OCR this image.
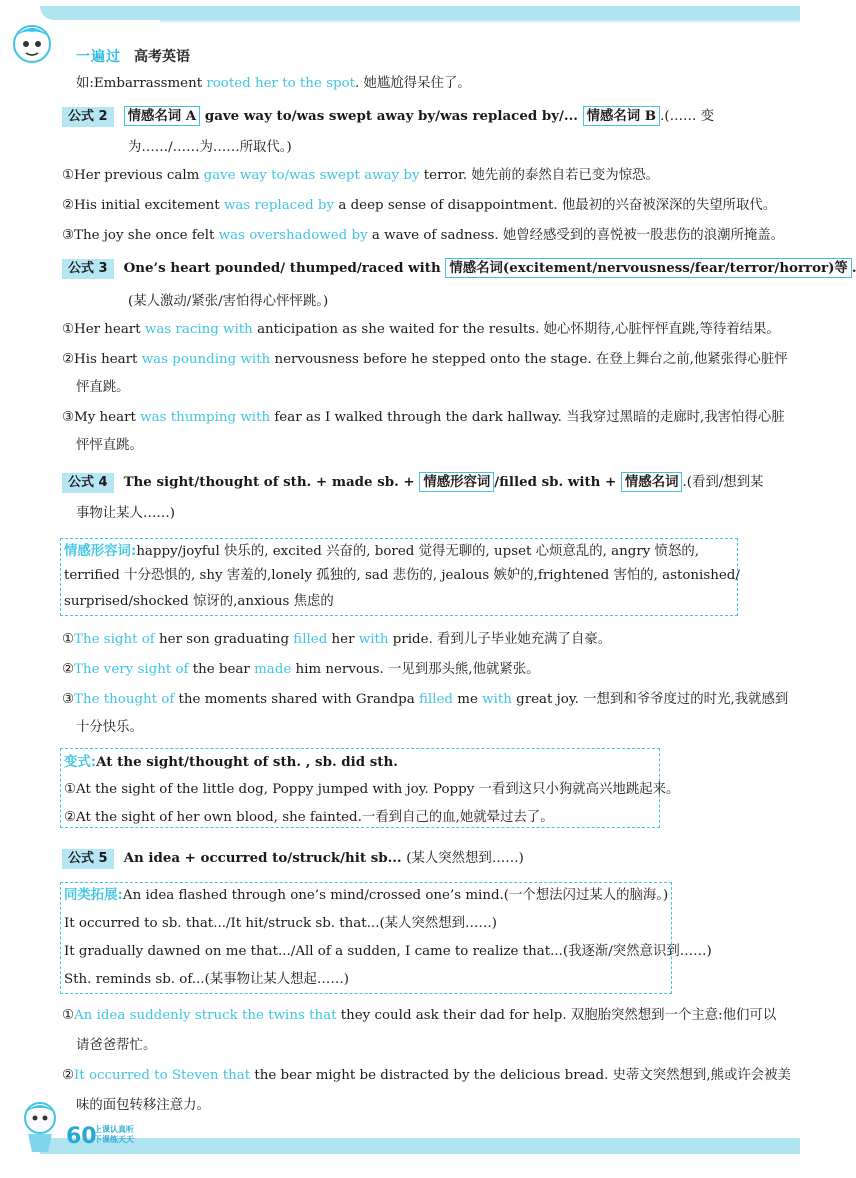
一遍过 高考英语
如:Embarrassment rooted her to the spot. 她尴尬得呆住了。
公式 2 情感名词 A gave way to/was swept away by/was replaced by/... 情感名词 B .(…… 变
为……/……为……所取代。)
①Her previous calm gave way to/was swept away by terror. 她先前的泰然自若已变为惊恐。
②His initial excitement was replaced by a deep sense of disappointment. 他最初的兴奋被深深的失望所取代。
③The joy she once felt was overshadowed by a wave of sadness. 她曾经感受到的喜悦被一股悲伤的浪潮所掩盖。
公式 3 One’s heart pounded/ thumped/raced with 情感名词(excitement/nervousness/fear/terror/horror)等
(某人激动/紧张/害怕得心怦怦跳。)
①Her heart was racing with anticipation as she waited for the results. 她心怀期待,心脏怦怦直跳,等待着结果。
②His heart was pounding with nervousness before he stepped onto the stage. 在登上舞台之前,他紧张得心脏怦
怦直跳。
③My heart was thumping with fear as I walked through the dark hallway. 当我穿过黑暗的走廊时,我害怕得心脏
怦怦直跳。
公式 4 The sight/thought of sth. + made sb. + 情感形容词 /filled sb. with + 情感名词 .(看到/想到某
事物让某人……)
情感形容词:happy/joyful 快乐的, excited 兴奋的, bored 觉得无聊的, upset 心烦意乱的, angry 愤怒的,
terrified 十分恐惧的, shy 害羞的,lonely 孤独的, sad 悲伤的, jealous 嫉妒的,frightened 害怕的, astonished/
surprised/shocked 惊讶的,anxious 焦虑的
①The sight of her son graduating filled her with pride. 看到儿子毕业她充满了自豪。
②The very sight of the bear made him nervous. 一见到那头熊,他就紧张。
③The thought of the moments shared with Grandpa filled me with great joy. 一想到和爷爷度过的时光,我就感到
十分快乐。
变式:At the sight/thought of sth. , sb. did sth.
①At the sight of the little dog, Poppy jumped with joy. Poppy 一看到这只小狗就高兴地跳起来。
②At the sight of her own blood, she fainted.一看到自己的血,她就晕过去了。
公式 5 An idea + occurred to/struck/hit sb... (某人突然想到……)
同类拓展:An idea flashed through one’s mind/crossed one’s mind.(一个想法闪过某人的脑海。)
It occurred to sb. that.../It hit/struck sb. that...(某人突然想到……)
It gradually dawned on me that.../All of a sudden, I came to realize that...(我逐渐/突然意识到……)
Sth. reminds sb. of...(某事物让某人想起……)
①An idea suddenly struck the twins that they could ask their dad for help. 双胞胎突然想到一个主意:他们可以
请爸爸帮忙。
②It occurred to Steven that the bear might be distracted by the delicious bread. 史蒂文突然想到,熊或许会被美
味的面包转移注意力。
60
上课认真听
下课练天天
